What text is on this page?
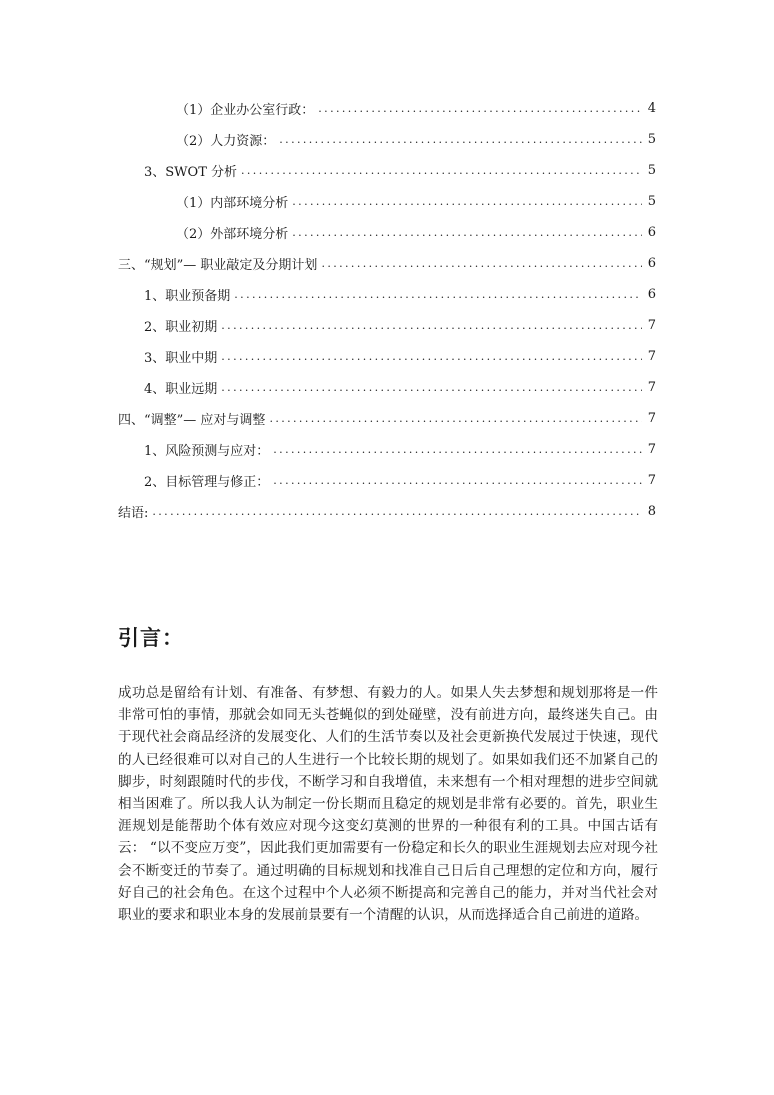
（1）企业办公室行政： .....	4
（2）人力资源： .....	5
3、SWOT 分析 .....	5
（1）内部环境分析 .....	5
（2）外部环境分析 .....	6
三、“规划”— 职业敲定及分期计划 .....	6
1、职业预备期 .....	6
2、职业初期 .....	7
3、职业中期 .....	7
4、职业远期 .....	7
四、“调整”— 应对与调整 .....	7
1、风险预测与应对： .....	7
2、目标管理与修正： .....	7
结语: .....	8
引言：

成功总是留给有计划、有准备、有梦想、有毅力的人。如果人失去梦想和规划那将是一件非常可怕的事情，那就会如同无头苍蝇似的到处碰壁，没有前进方向，最终迷失自己。由于现代社会商品经济的发展变化、人们的生活节奏以及社会更新换代发展过于快速，现代的人已经很难可以对自己的人生进行一个比较长期的规划了。如果如我们还不加紧自己的脚步，时刻跟随时代的步伐，不断学习和自我增值，未来想有一个相对理想的进步空间就相当困难了。所以我人认为制定一份长期而且稳定的规划是非常有必要的。首先，职业生涯规划是能帮助个体有效应对现今这变幻莫测的世界的一种很有利的工具。中国古话有云： “以不变应万变”，因此我们更加需要有一份稳定和长久的职业生涯规划去应对现今社会不断变迁的节奏了。通过明确的目标规划和找准自己日后自己理想的定位和方向，履行好自己的社会角色。在这个过程中个人必须不断提高和完善自己的能力，并对当代社会对职业的要求和职业本身的发展前景要有一个清醒的认识，从而选择适合自己前进的道路。
